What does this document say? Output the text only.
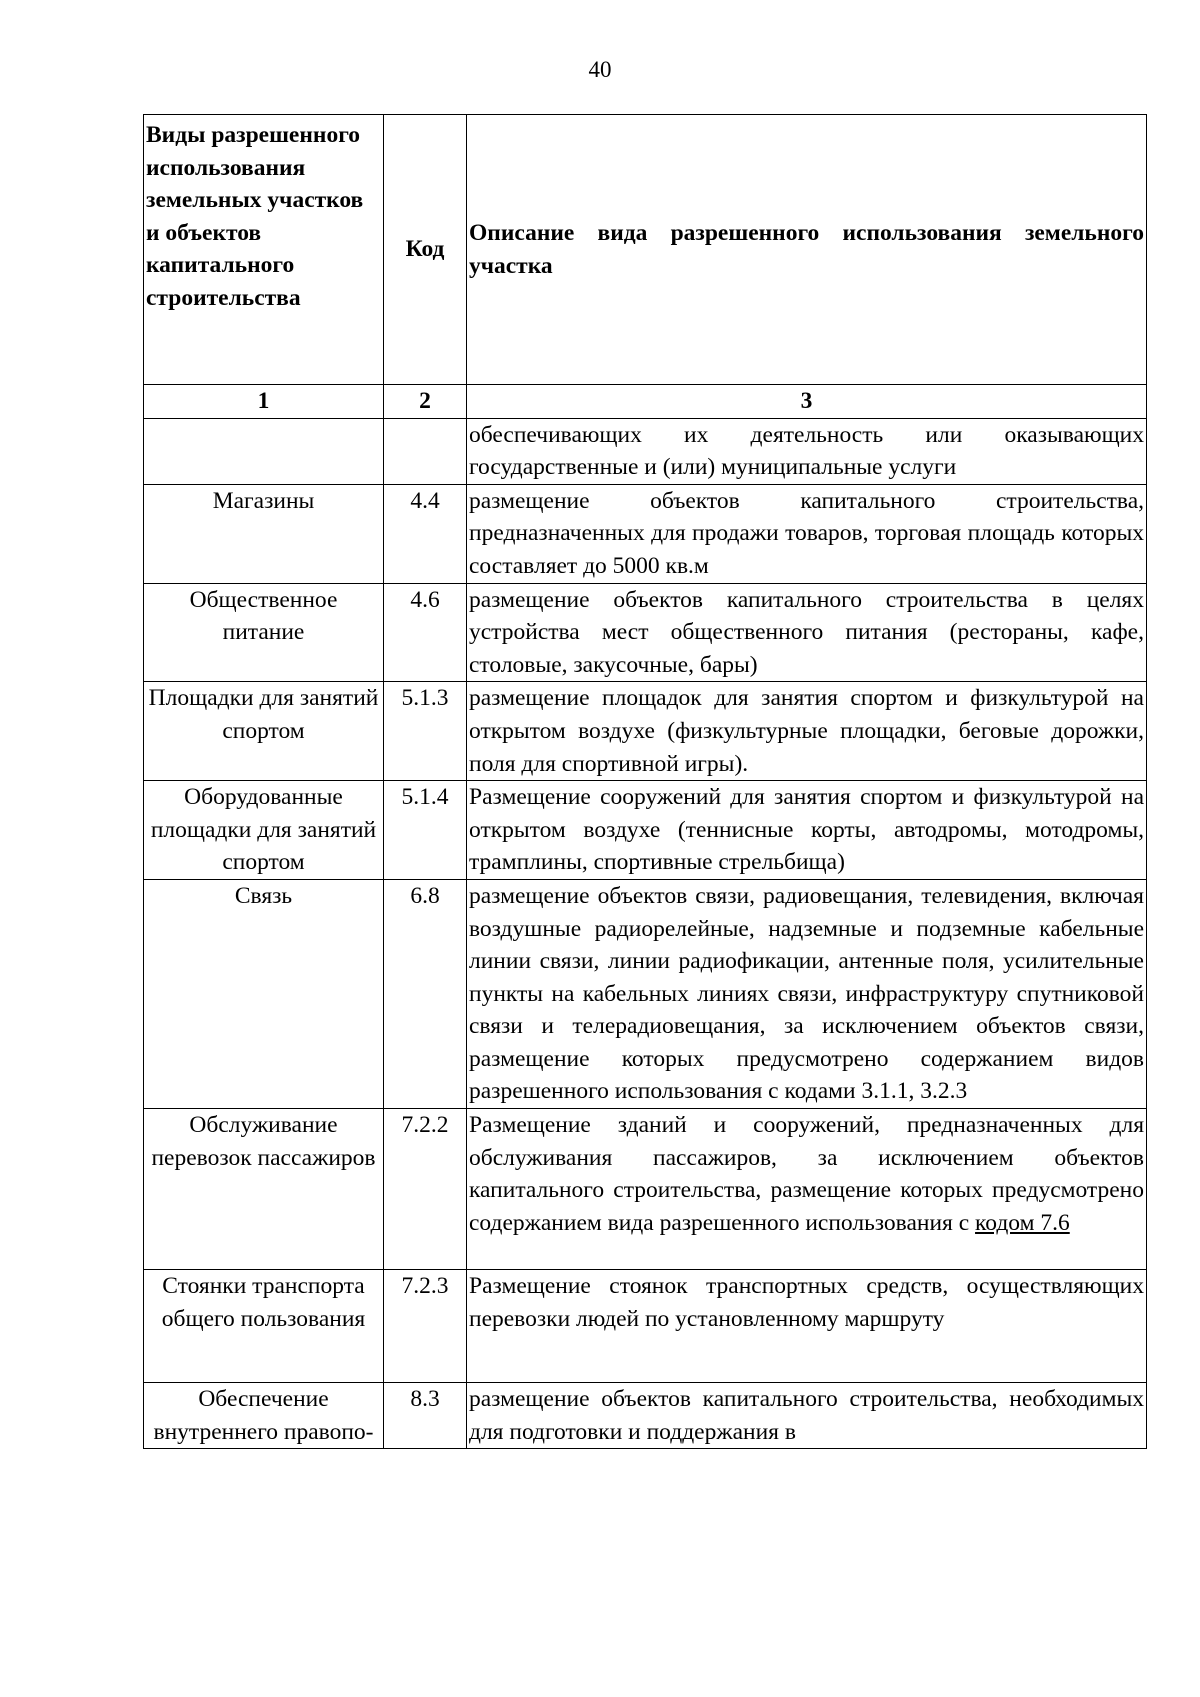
40
Виды разрешенного использования земельных участков и объектов капитального строительства	Код	Описание вида разрешенного использования земельного участка
1	2	3
		обеспечивающих их деятельность или оказывающих государственные и (или) муниципальные услуги
Магазины	4.4	размещение объектов капитального строительства, предназначенных для продажи товаров, торговая площадь которых составляет до 5000 кв.м
Общественное питание	4.6	размещение объектов капитального строительства в целях устройства мест общественного питания (рестораны, кафе, столовые, закусочные, бары)
Площадки для занятий спортом	5.1.3	размещение площадок для занятия спортом и физкультурой на открытом воздухе (физкультурные площадки, беговые дорожки, поля для спортивной игры).
Оборудованные площадки для занятий спортом	5.1.4	Размещение сооружений для занятия спортом и физкультурой на открытом воздухе (теннисные корты, автодромы, мотодромы, трамплины, спортивные стрельбища)
Связь	6.8	размещение объектов связи, радиовещания, телевидения, включая воздушные радиорелейные, надземные и подземные кабельные линии связи, линии радиофикации, антенные поля, усилительные пункты на кабельных линиях связи, инфраструктуру спутниковой связи и телерадиовещания, за исключением объектов связи, размещение которых предусмотрено содержанием видов разрешенного использования с кодами 3.1.1, 3.2.3
Обслуживание перевозок пассажиров	7.2.2	Размещение зданий и сооружений, предназначенных для обслуживания пассажиров, за исключением объектов капитального строительства, размещение которых предусмотрено содержанием вида разрешенного использования с кодом 7.6
Стоянки транспорта общего пользования	7.2.3	Размещение стоянок транспортных средств, осуществляющих перевозки людей по установленному маршруту
Обеспечение внутреннего правопо-	8.3	размещение объектов капитального строительства, необходимых для подготовки и поддержания в
